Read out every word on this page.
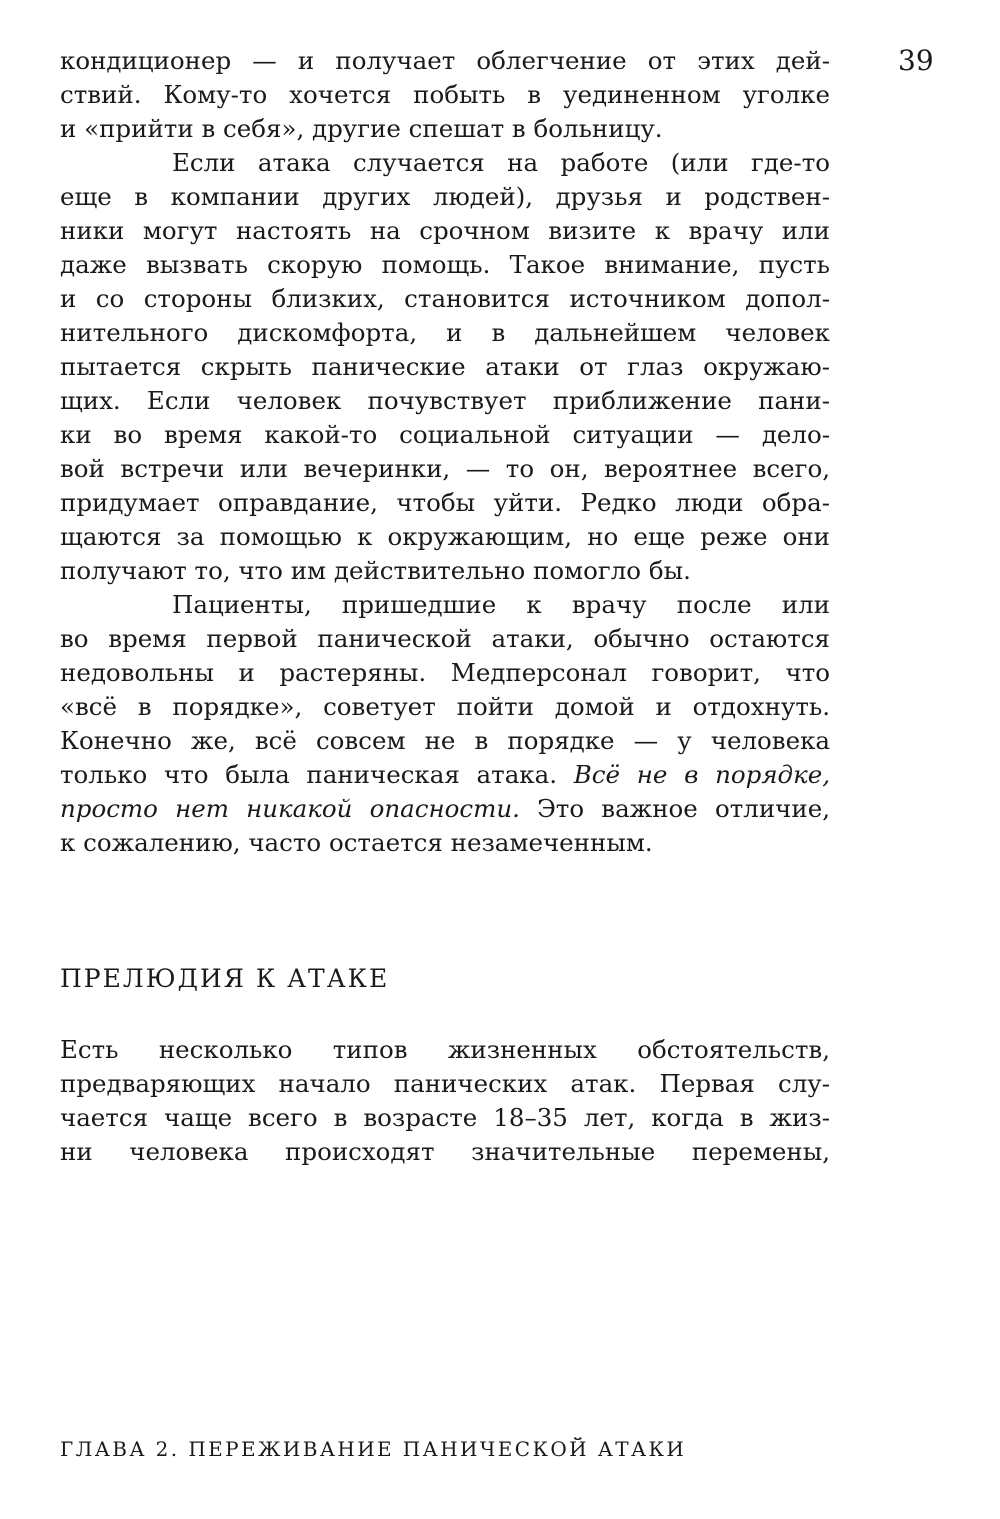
39
кондиционер — и получает облегчение от этих дей-
ствий. Кому-то хочется побыть в уединенном уголке
и «прийти в себя», другие спешат в больницу.
Если атака случается на работе (или где-то
еще в компании других людей), друзья и родствен-
ники могут настоять на срочном визите к врачу или
даже вызвать скорую помощь. Такое внимание, пусть
и со стороны близких, становится источником допол-
нительного дискомфорта, и в дальнейшем человек
пытается скрыть панические атаки от глаз окружаю-
щих. Если человек почувствует приближение пани-
ки во время какой-то социальной ситуации — дело-
вой встречи или вечеринки, — то он, вероятнее всего,
придумает оправдание, чтобы уйти. Редко люди обра-
щаются за помощью к окружающим, но еще реже они
получают то, что им действительно помогло бы.
Пациенты, пришедшие к врачу после или
во время первой панической атаки, обычно остаются
недовольны и растеряны. Медперсонал говорит, что
«всё в порядке», советует пойти домой и отдохнуть.
Конечно же, всё совсем не в порядке — у человека
только что была паническая атака. Всё не в порядке,
просто нет никакой опасности. Это важное отличие,
к сожалению, часто остается незамеченным.
ПРЕЛЮДИЯ К АТАКЕ
Есть несколько типов жизненных обстоятельств,
предваряющих начало панических атак. Первая слу-
чается чаще всего в возрасте 18–35 лет, когда в жиз-
ни человека происходят значительные перемены,
ГЛАВА 2. ПЕРЕЖИВАНИЕ ПАНИЧЕСКОЙ АТАКИ
